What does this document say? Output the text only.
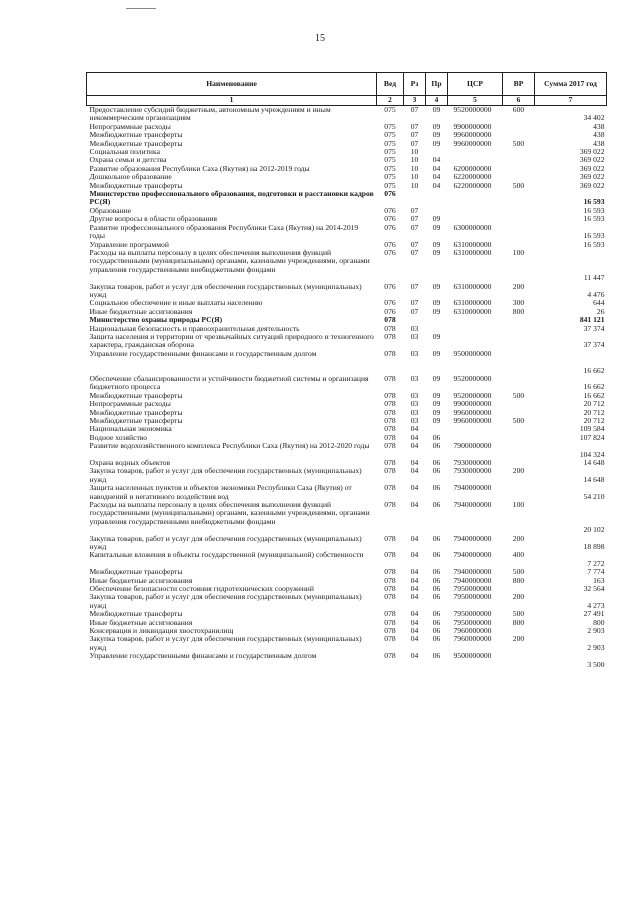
15
Наименование	Вед	Рз	Пр	ЦСР	ВР	Сумма 2017 год
1	2	3	4	5	6	7
Предоставление субсидий бюджетным, автономным учреждениям и иным некоммерческим организациям	075	07	09	9520000000	600	34 402
Непрограммные расходы	075	07	09	9900000000		438
Межбюджетные трансферты	075	07	09	9960000000		438
Межбюджетные трансферты	075	07	09	9960000000	500	438
Социальная политика	075	10				369 022
Охрана семьи и детства	075	10	04			369 022
Развитие образования Республики Саха (Якутия) на 2012-2019 годы	075	10	04	6200000000		369 022
Дошкольное образование	075	10	04	6220000000		369 022
Межбюджетные трансферты	075	10	04	6220000000	500	369 022
Министерство профессионального образования, подготовки и расстановки кадров РС(Я)	076					16 593
Образование	076	07				16 593
Другие вопросы в области образования	076	07	09			16 593
Развитие профессионального образования Республики Саха (Якутия) на 2014-2019 годы	076	07	09	6300000000		16 593
Управление программой	076	07	09	6310000000		16 593
Расходы на выплаты персоналу в целях обеспечения выполнения функций государственными (муниципальными) органами, казенными учреждениями, органами управления государственными внебюджетными фондами	076	07	09	6310000000	100	11 447
Закупка товаров, работ и услуг для обеспечения государственных (муниципальных) нужд	076	07	09	6310000000	200	4 476
Социальное обеспечение и иные выплаты населению	076	07	09	6310000000	300	644
Иные бюджетные ассигнования	076	07	09	6310000000	800	26
Министерство охраны природы РС(Я)	078					841 121
Национальная безопасность и правоохранительная деятельность	078	03				37 374
Защита населения и территории от чрезвычайных ситуаций природного и техногенного характера, гражданская оборона	078	03	09			37 374
Управление государственными финансами и государственным долгом	078	03	09	9500000000		16 662
Обеспечение сбалансированности и устойчивости бюджетной системы и организация бюджетного процесса	078	03	09	9520000000		16 662
Межбюджетные трансферты	078	03	09	9520000000	500	16 662
Непрограммные расходы	078	03	09	9900000000		20 712
Межбюджетные трансферты	078	03	09	9960000000		20 712
Межбюджетные трансферты	078	03	09	9960000000	500	20 712
Национальная экономика	078	04				109 584
Водное хозяйство	078	04	06			107 824
Развитие водохозяйственного комплекса Республики Саха (Якутия) на 2012-2020 годы	078	04	06	7900000000		104 324
Охрана водных объектов	078	04	06	7930000000		14 648
Закупка товаров, работ и услуг для обеспечения государственных (муниципальных) нужд	078	04	06	7930000000	200	14 648
Защита населенных пунктов и объектов экономики Республики Саха (Якутия) от наводнений и негативного воздействия вод	078	04	06	7940000000		54 210
Расходы на выплаты персоналу в целях обеспечения выполнения функций государственными (муниципальными) органами, казенными учреждениями, органами управления государственными внебюджетными фондами	078	04	06	7940000000	100	20 102
Закупка товаров, работ и услуг для обеспечения государственных (муниципальных) нужд	078	04	06	7940000000	200	18 898
Капитальные вложения в объекты государственной (муниципальной) собственности	078	04	06	7940000000	400	7 272
Межбюджетные трансферты	078	04	06	7940000000	500	7 774
Иные бюджетные ассигнования	078	04	06	7940000000	800	163
Обеспечение безопасности состояния гидротехнических сооружений	078	04	06	7950000000		32 564
Закупка товаров, работ и услуг для обеспечения государственных (муниципальных) нужд	078	04	06	7950000000	200	4 273
Межбюджетные трансферты	078	04	06	7950000000	500	27 491
Иные бюджетные ассигнования	078	04	06	7950000000	800	800
Консервация и ликвидация хвостохранилищ	078	04	06	7960000000		2 903
Закупка товаров, работ и услуг для обеспечения государственных (муниципальных) нужд	078	04	06	7960000000	200	2 903
Управление государственными финансами и государственным долгом	078	04	06	9500000000		3 500
